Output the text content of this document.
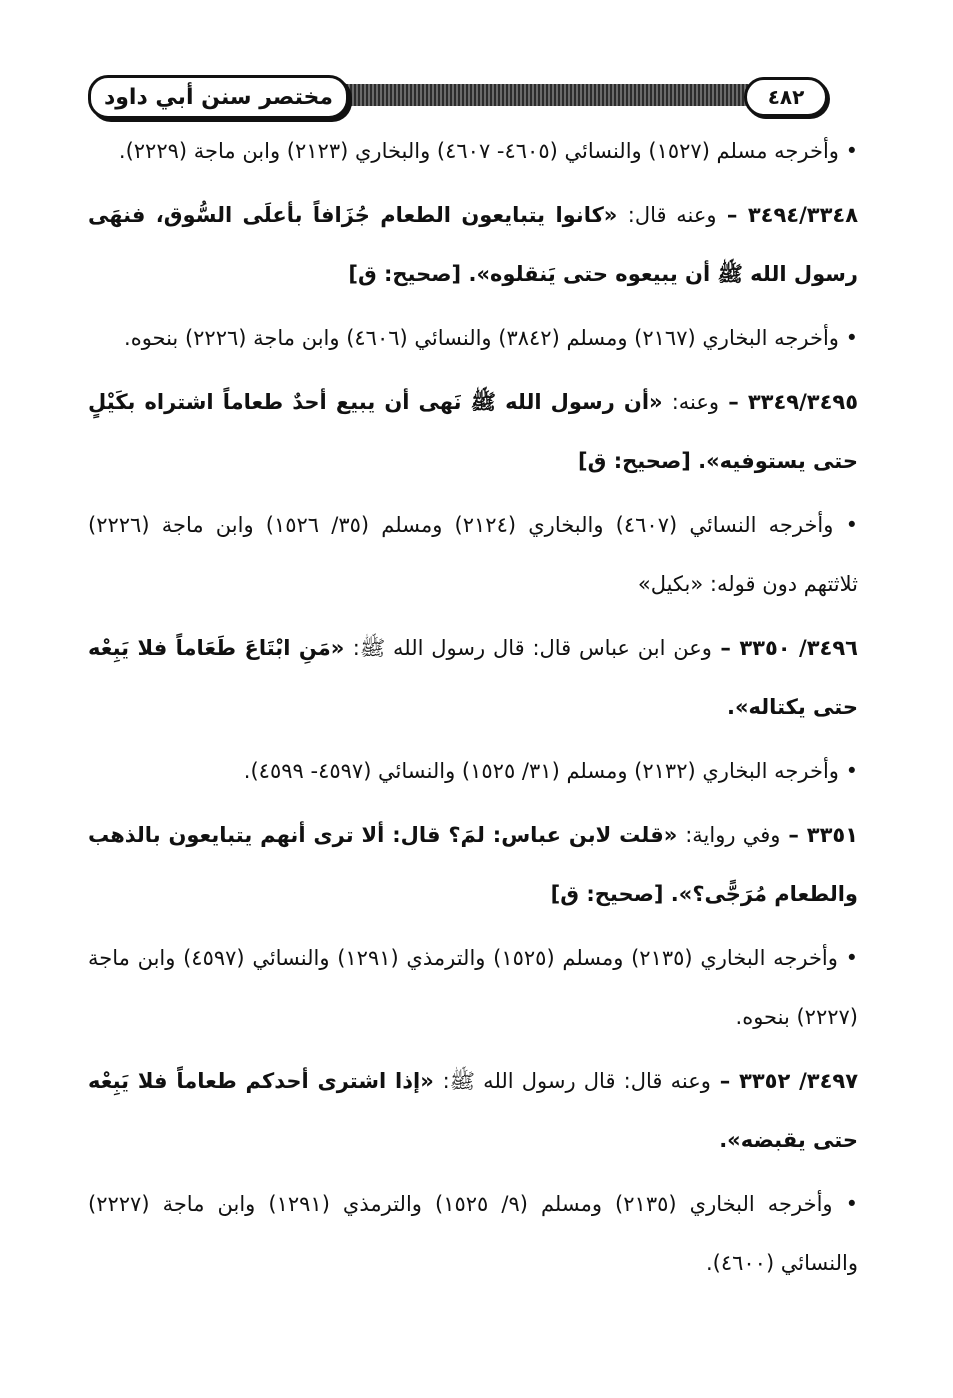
مختصر سنن أبي داود	٤٨٢

• وأخرجه مسلم (١٥٢٧) والنسائي (٤٦٠٥- ٤٦٠٧) والبخاري (٢١٢٣) وابن ماجة (٢٢٢٩).

٣٤٩٤/٣٣٤٨ – وعنه قال: «كانوا يتبايعون الطعام جُزَافاً بأعلَى السُّوق، فنهَى رسول الله ﷺ أن يبيعوه حتى يَنقلوه». [صحيح: ق]

• وأخرجه البخاري (٢١٦٧) ومسلم (٣٨٤٢) والنسائي (٤٦٠٦) وابن ماجة (٢٢٢٦) بنحوه.

٣٣٤٩/٣٤٩٥ – وعنه: «أن رسول الله ﷺ نَهى أن يبيع أحدٌ طعاماً اشتراه بكَيْلٍ حتى يستوفيه». [صحيح: ق]

• وأخرجه النسائي (٤٦٠٧) والبخاري (٢١٢٤) ومسلم (٣٥/ ١٥٢٦) وابن ماجة (٢٢٢٦) ثلاثتهم دون قوله: «بكيل»

٣٤٩٦/ ٣٣٥٠ – وعن ابن عباس قال: قال رسول الله ﷺ: «مَنِ ابْتَاعَ طَعَاماً فلا يَبِعْه حتى يكتاله».

• وأخرجه البخاري (٢١٣٢) ومسلم (٣١/ ١٥٢٥) والنسائي (٤٥٩٧- ٤٥٩٩).

٣٣٥١ – وفي رواية: «قلت لابن عباس: لمَ؟ قال: ألا ترى أنهم يتبايعون بالذهب والطعام مُرَجًّى؟». [صحيح: ق]

• وأخرجه البخاري (٢١٣٥) ومسلم (١٥٢٥) والترمذي (١٢٩١) والنسائي (٤٥٩٧) وابن ماجة (٢٢٢٧) بنحوه.

٣٤٩٧/ ٣٣٥٢ – وعنه قال: قال رسول الله ﷺ: «إذا اشترى أحدكم طعاماً فلا يَبِعْه حتى يقبضه».

• وأخرجه البخاري (٢١٣٥) ومسلم (٩/ ١٥٢٥) والترمذي (١٢٩١) وابن ماجة (٢٢٢٧) والنسائي (٤٦٠٠).
